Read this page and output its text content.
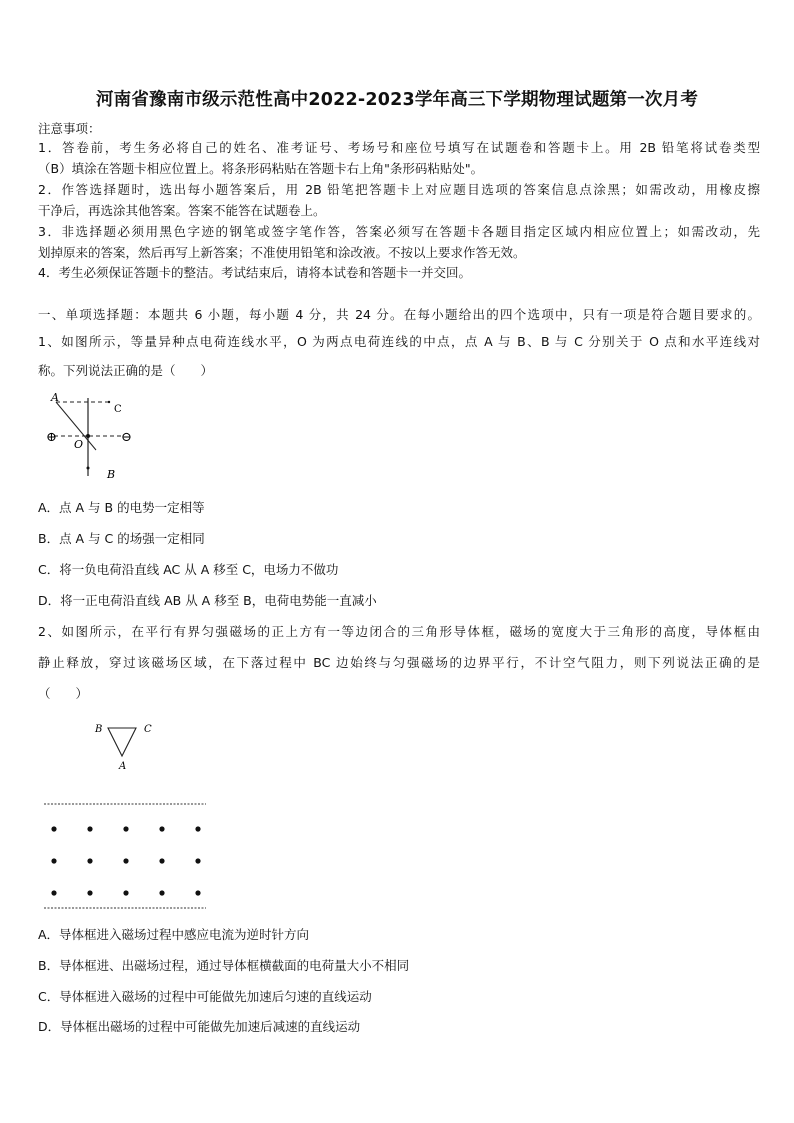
河南省豫南市级示范性高中2022-2023学年高三下学期物理试题第一次月考
注意事项：
1．答卷前，考生务必将自己的姓名、准考证号、考场号和座位号填写在试题卷和答题卡上。用 2B 铅笔将试卷类型
（B）填涂在答题卡相应位置上。将条形码粘贴在答题卡右上角"条形码粘贴处"。
2．作答选择题时，选出每小题答案后，用 2B 铅笔把答题卡上对应题目选项的答案信息点涂黑；如需改动，用橡皮擦
干净后，再选涂其他答案。答案不能答在试题卷上。
3．非选择题必须用黑色字迹的钢笔或签字笔作答，答案必须写在答题卡各题目指定区域内相应位置上；如需改动，先
划掉原来的答案，然后再写上新答案；不准使用铅笔和涂改液。不按以上要求作答无效。
4．考生必须保证答题卡的整洁。考试结束后，请将本试卷和答题卡一并交回。
一、单项选择题：本题共 6 小题，每小题 4 分，共 24 分。在每小题给出的四个选项中，只有一项是符合题目要求的。
1、如图所示，等量异种点电荷连线水平，O 为两点电荷连线的中点，点 A 与 B、B 与 C 分别关于 O 点和水平连线对
称。下列说法正确的是（　　）
⊕	⊖
A
C
O
B
A．点 A 与 B 的电势一定相等
B．点 A 与 C 的场强一定相同
C．将一负电荷沿直线 AC 从 A 移至 C，电场力不做功
D．将一正电荷沿直线 AB 从 A 移至 B，电荷电势能一直减小
2、如图所示，在平行有界匀强磁场的正上方有一等边闭合的三角形导体框，磁场的宽度大于三角形的高度，导体框由
静止释放，穿过该磁场区域，在下落过程中 BC 边始终与匀强磁场的边界平行，不计空气阻力，则下列说法正确的是
（　　）
B	C
A
A．导体框进入磁场过程中感应电流为逆时针方向
B．导体框进、出磁场过程，通过导体框横截面的电荷量大小不相同
C．导体框进入磁场的过程中可能做先加速后匀速的直线运动
D．导体框出磁场的过程中可能做先加速后减速的直线运动
